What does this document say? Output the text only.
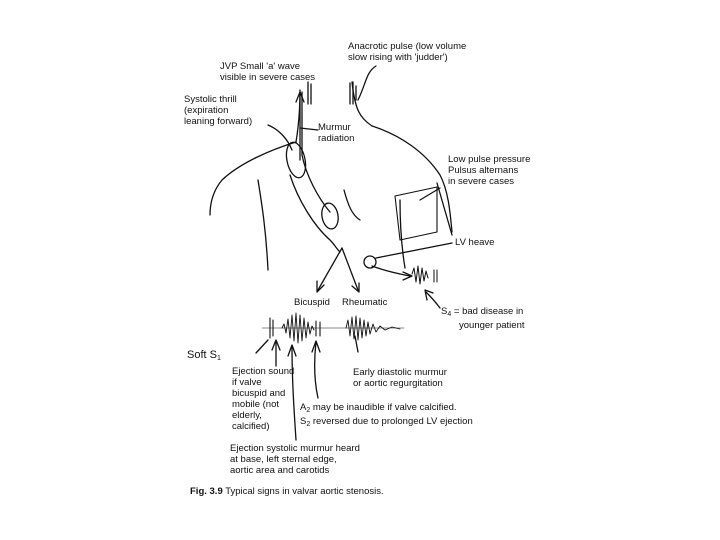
Anacrotic pulse (low volume
slow rising with 'judder')
JVP Small 'a' wave
visible in severe cases
Systolic thrill
(expiration
leaning forward)
Murmur
radiation
Low pulse pressure
Pulsus alternans
in severe cases
LV heave
Bicuspid Rheumatic
$S_4$ = bad disease in
younger patient
Soft $S_1$
Ejection sound
if valve
bicuspid and
mobile (not
elderly,
calcified)
Early diastolic murmur
or aortic regurgitation
$A_2$ may be inaudible if valve calcified.
$S_2$ reversed due to prolonged LV ejection
Ejection systolic murmur heard
at base, left sternal edge,
aortic area and carotids
Fig. 3.9 Typical signs in valvar aortic stenosis.
